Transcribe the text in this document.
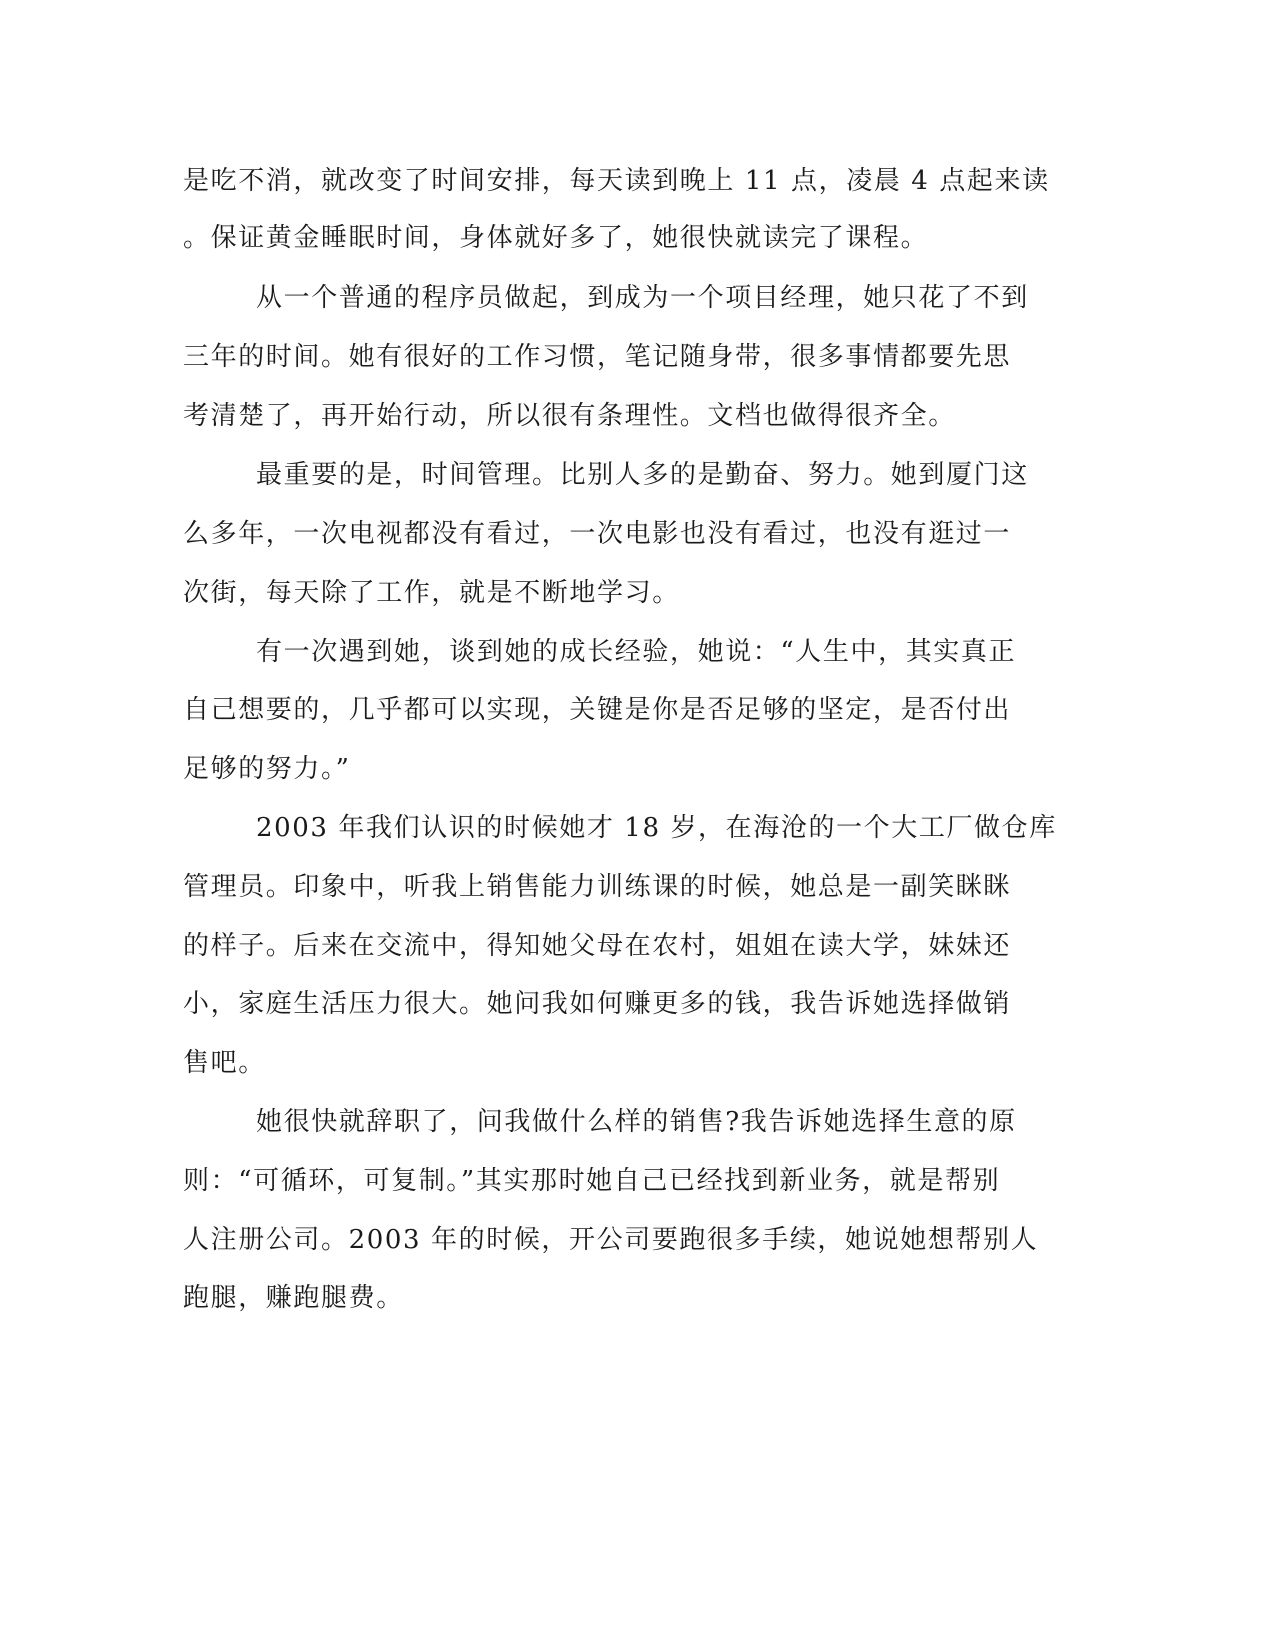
是吃不消，就改变了时间安排，每天读到晚上 11 点，凌晨 4 点起来读
。保证黄金睡眠时间，身体就好多了，她很快就读完了课程。
从一个普通的程序员做起，到成为一个项目经理，她只花了不到
三年的时间。她有很好的工作习惯，笔记随身带，很多事情都要先思
考清楚了，再开始行动，所以很有条理性。文档也做得很齐全。
最重要的是，时间管理。比别人多的是勤奋、努力。她到厦门这
么多年，一次电视都没有看过，一次电影也没有看过，也没有逛过一
次街，每天除了工作，就是不断地学习。
有一次遇到她，谈到她的成长经验，她说：“人生中，其实真正
自己想要的，几乎都可以实现，关键是你是否足够的坚定，是否付出
足够的努力。”
2003 年我们认识的时候她才 18 岁，在海沧的一个大工厂做仓库
管理员。印象中，听我上销售能力训练课的时候，她总是一副笑眯眯
的样子。后来在交流中，得知她父母在农村，姐姐在读大学，妹妹还
小，家庭生活压力很大。她问我如何赚更多的钱，我告诉她选择做销
售吧。
她很快就辞职了，问我做什么样的销售?我告诉她选择生意的原
则：“可循环，可复制。”其实那时她自己已经找到新业务，就是帮别
人注册公司。2003 年的时候，开公司要跑很多手续，她说她想帮别人
跑腿，赚跑腿费。
